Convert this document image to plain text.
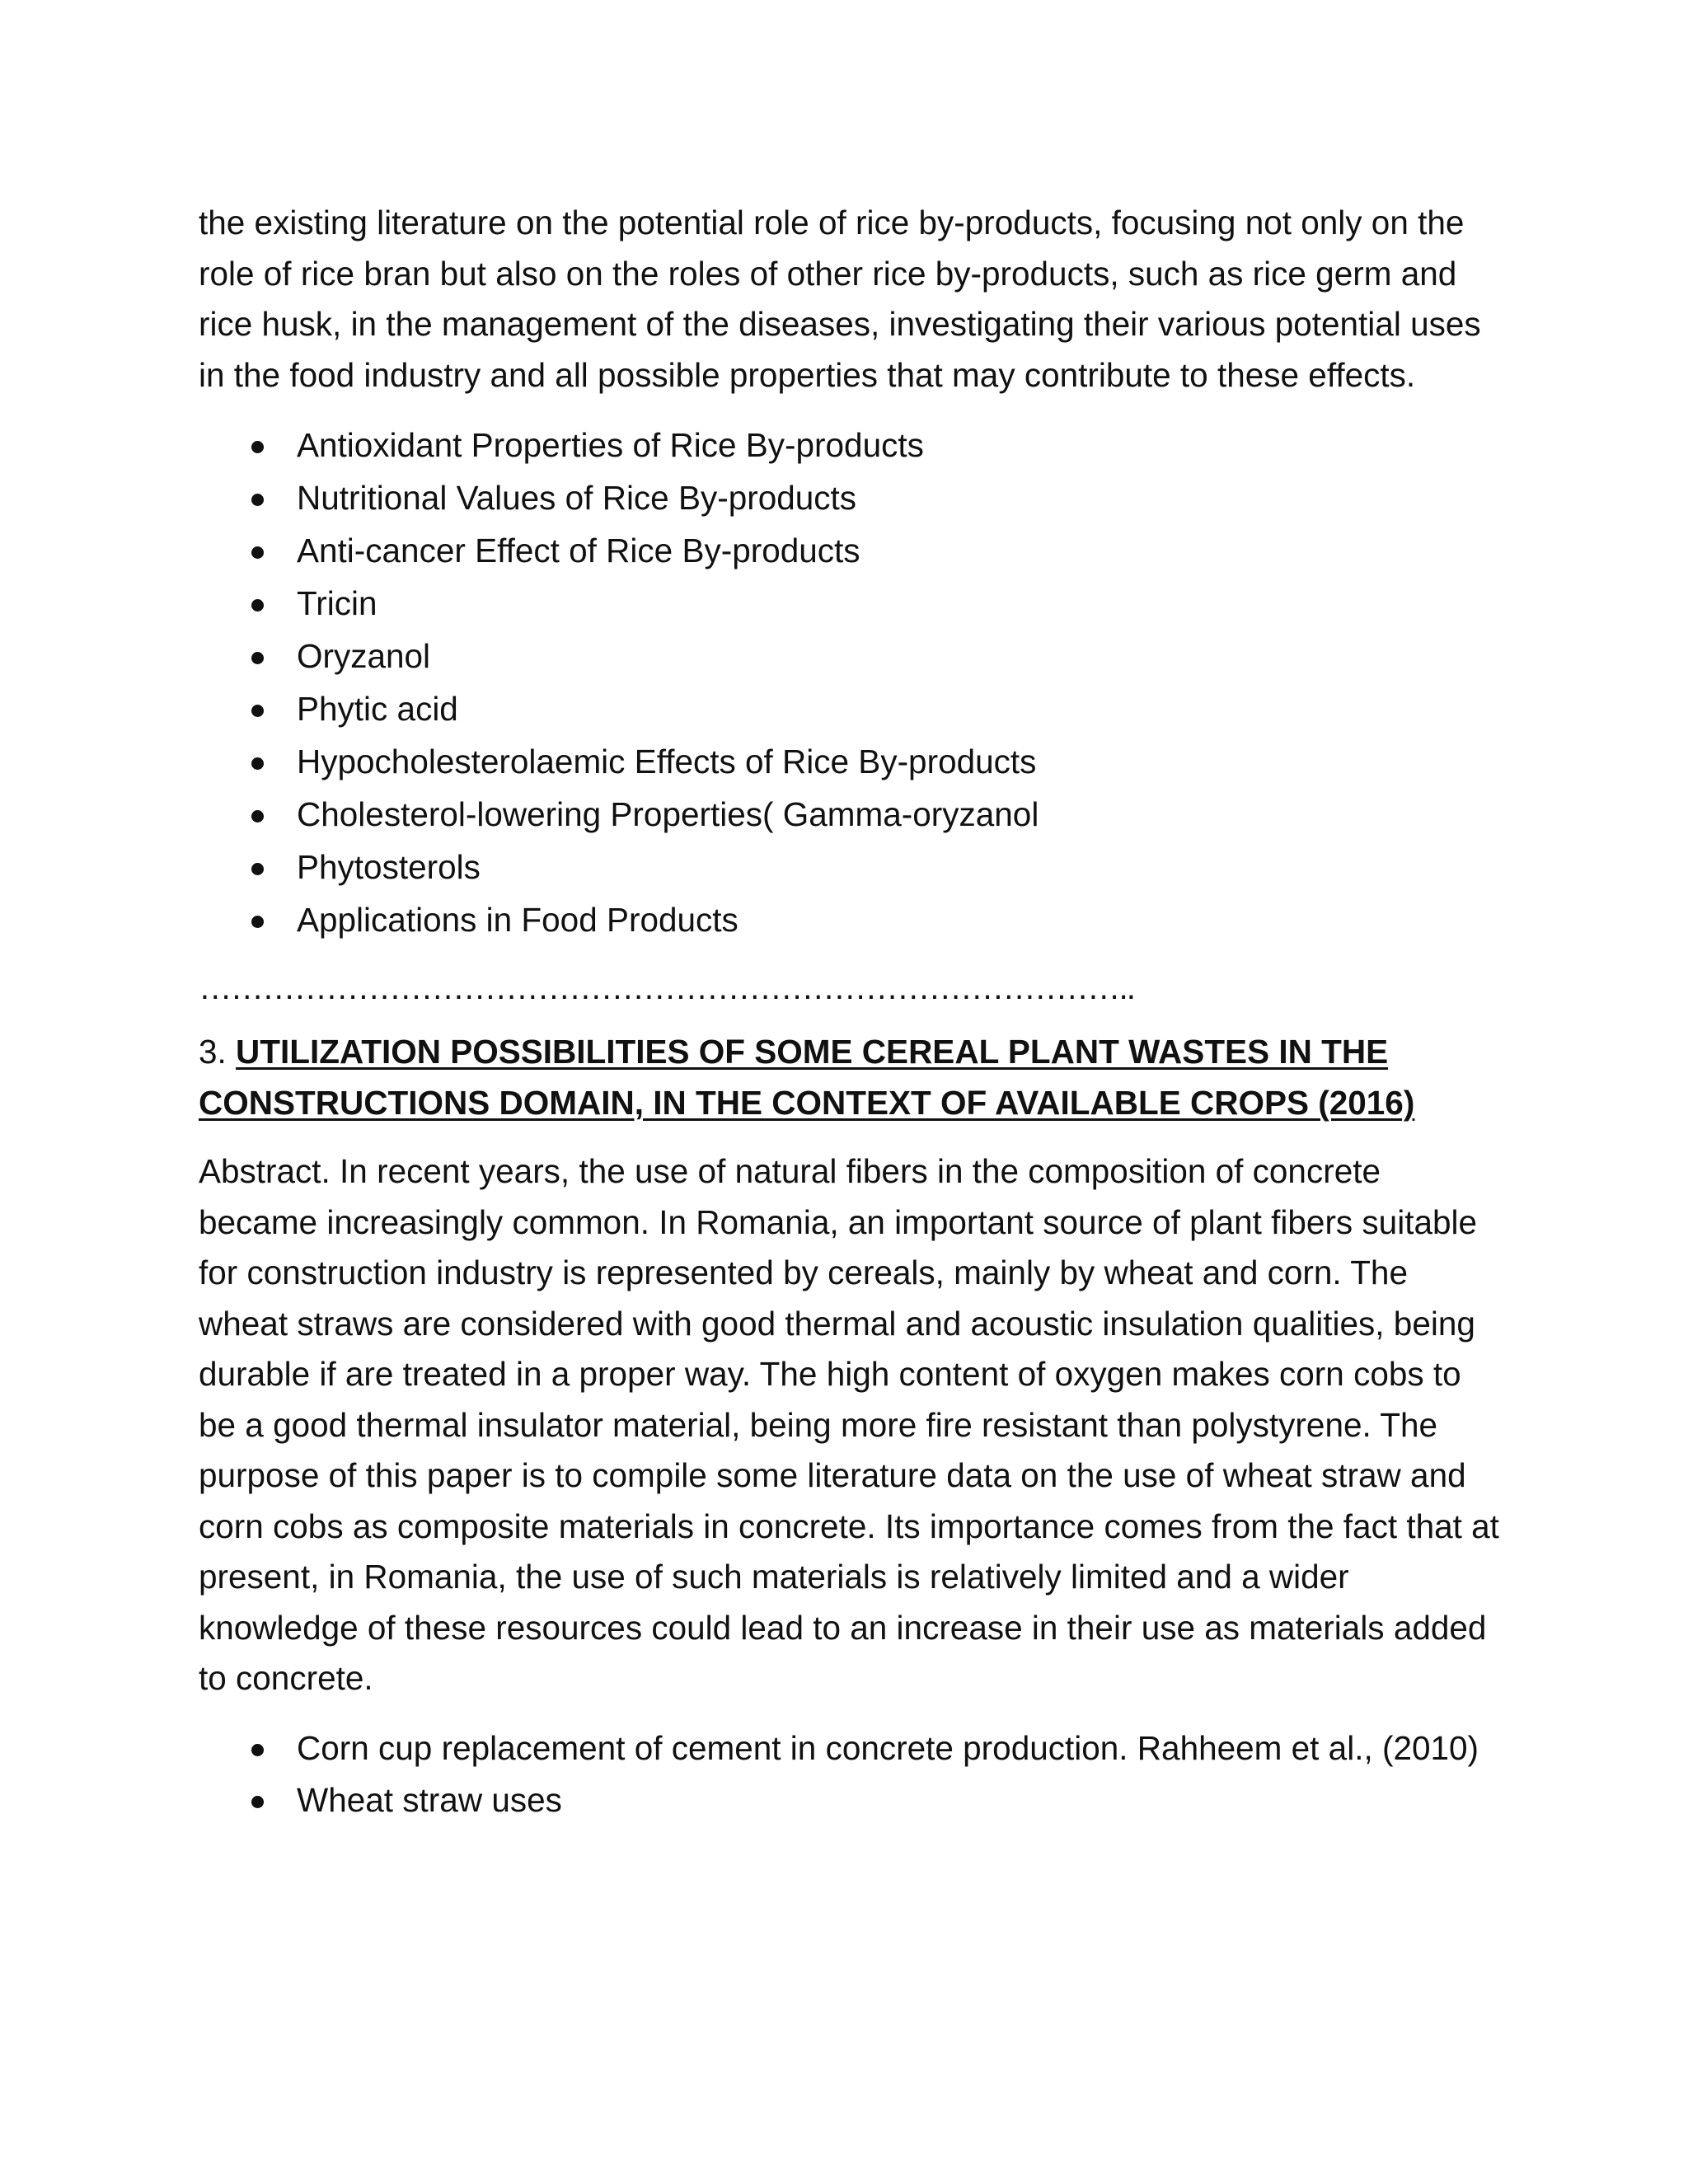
the existing literature on the potential role of rice by-products, focusing not only on the role of rice bran but also on the roles of other rice by-products, such as rice germ and rice husk, in the management of the diseases, investigating their various potential uses in the food industry and all possible properties that may contribute to these effects.

Antioxidant Properties of Rice By-products
Nutritional Values of Rice By-products
Anti-cancer Effect of Rice By-products
Tricin
Oryzanol
Phytic acid
Hypocholesterolaemic Effects of Rice By-products
Cholesterol-lowering Properties( Gamma-oryzanol
Phytosterols
Applications in Food Products
……………………………………………………………………………..
3. UTILIZATION POSSIBILITIES OF SOME CEREAL PLANT WASTES IN THE CONSTRUCTIONS DOMAIN, IN THE CONTEXT OF AVAILABLE CROPS (2016)

Abstract. In recent years, the use of natural fibers in the composition of concrete became increasingly common. In Romania, an important source of plant fibers suitable for construction industry is represented by cereals, mainly by wheat and corn. The wheat straws are considered with good thermal and acoustic insulation qualities, being durable if are treated in a proper way. The high content of oxygen makes corn cobs to be a good thermal insulator material, being more fire resistant than polystyrene. The purpose of this paper is to compile some literature data on the use of wheat straw and corn cobs as composite materials in concrete. Its importance comes from the fact that at present, in Romania, the use of such materials is relatively limited and a wider knowledge of these resources could lead to an increase in their use as materials added to concrete.

Corn cup replacement of cement in concrete production. Rahheem et al., (2010)
Wheat straw uses
